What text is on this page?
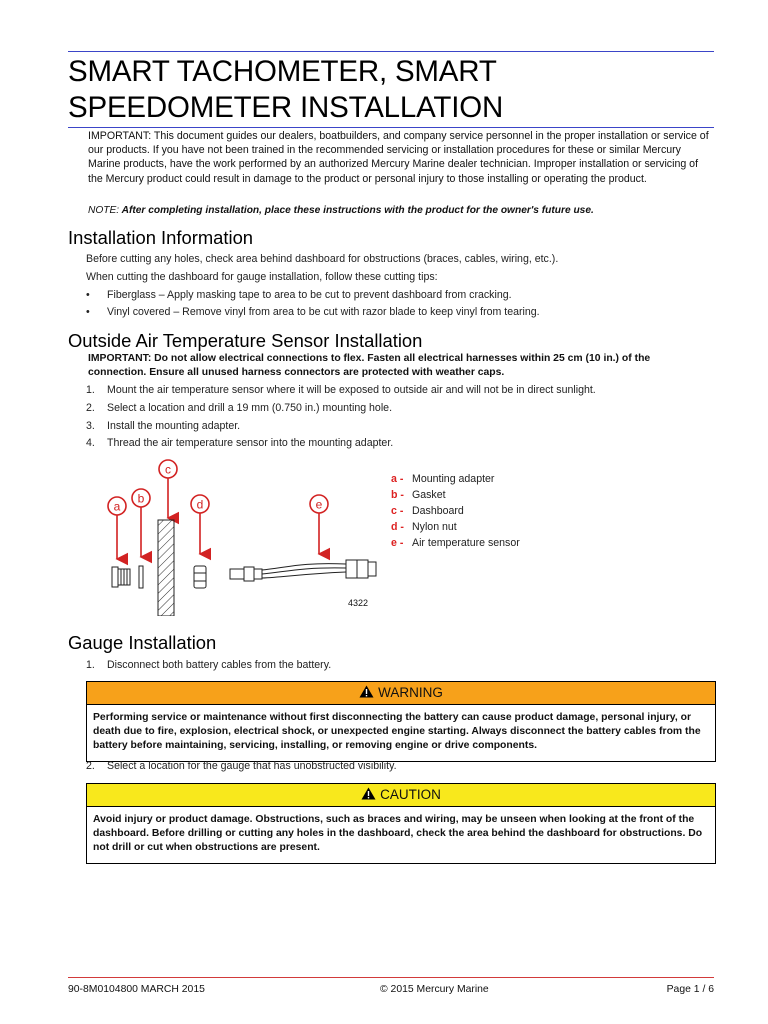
SMART TACHOMETER, SMART
SPEEDOMETER INSTALLATION
IMPORTANT: This document guides our dealers, boatbuilders, and company service personnel in the proper installation or service of our products. If you have not been trained in the recommended servicing or installation procedures for these or similar Mercury Marine products, have the work performed by an authorized Mercury Marine dealer technician. Improper installation or servicing of the Mercury product could result in damage to the product or personal injury to those installing or operating the product.
NOTE: After completing installation, place these instructions with the product for the owner's future use.
Installation Information
Before cutting any holes, check area behind dashboard for obstructions (braces, cables, wiring, etc.).
When cutting the dashboard for gauge installation, follow these cutting tips:
• Fiberglass – Apply masking tape to area to be cut to prevent dashboard from cracking.
• Vinyl covered – Remove vinyl from area to be cut with razor blade to keep vinyl from tearing.
Outside Air Temperature Sensor Installation
IMPORTANT: Do not allow electrical connections to flex. Fasten all electrical harnesses within 25 cm (10 in.) of the
connection. Ensure all unused harness connectors are protected with weather caps.
1. Mount the air temperature sensor where it will be exposed to outside air and will not be in direct sunlight.
2. Select a location and drill a 19 mm (0.750 in.) mounting hole.
3. Install the mounting adapter.
4. Thread the air temperature sensor into the mounting adapter.
a
b
c
d	e
4322
a - Mounting adapter
b - Gasket
c - Dashboard
d - Nylon nut
e - Air temperature sensor
Gauge Installation
1. Disconnect both battery cables from the battery.
WARNING
Performing service or maintenance without first disconnecting the battery can cause product damage, personal injury, or death due to fire, explosion, electrical shock, or unexpected engine starting. Always disconnect the battery cables from the battery before maintaining, servicing, installing, or removing engine or drive components.
2. Select a location for the gauge that has unobstructed visibility.
CAUTION
Avoid injury or product damage. Obstructions, such as braces and wiring, may be unseen when looking at the front of the dashboard. Before drilling or cutting any holes in the dashboard, check the area behind the dashboard for obstructions. Do not drill or cut when obstructions are present.
90-8M0104800 MARCH 2015	© 2015 Mercury Marine	Page 1 / 6
